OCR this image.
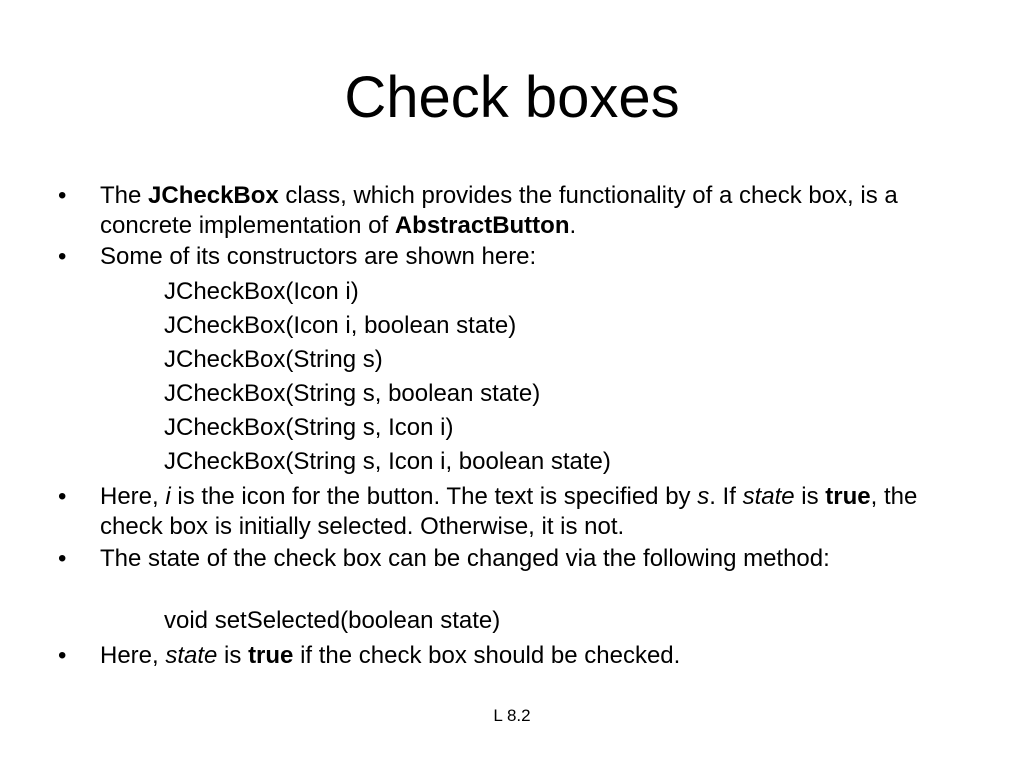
Check boxes
• The JCheckBox class, which provides the functionality of a check box, is a concrete implementation of AbstractButton.
• Some of its constructors are shown here:
JCheckBox(Icon i)
JCheckBox(Icon i, boolean state)
JCheckBox(String s)
JCheckBox(String s, boolean state)
JCheckBox(String s, Icon i)
JCheckBox(String s, Icon i, boolean state)
• Here, i is the icon for the button. The text is specified by s. If state is true, the check box is initially selected. Otherwise, it is not.
• The state of the check box can be changed via the following method:
void setSelected(boolean state)
• Here, state is true if the check box should be checked.
L 8.2
